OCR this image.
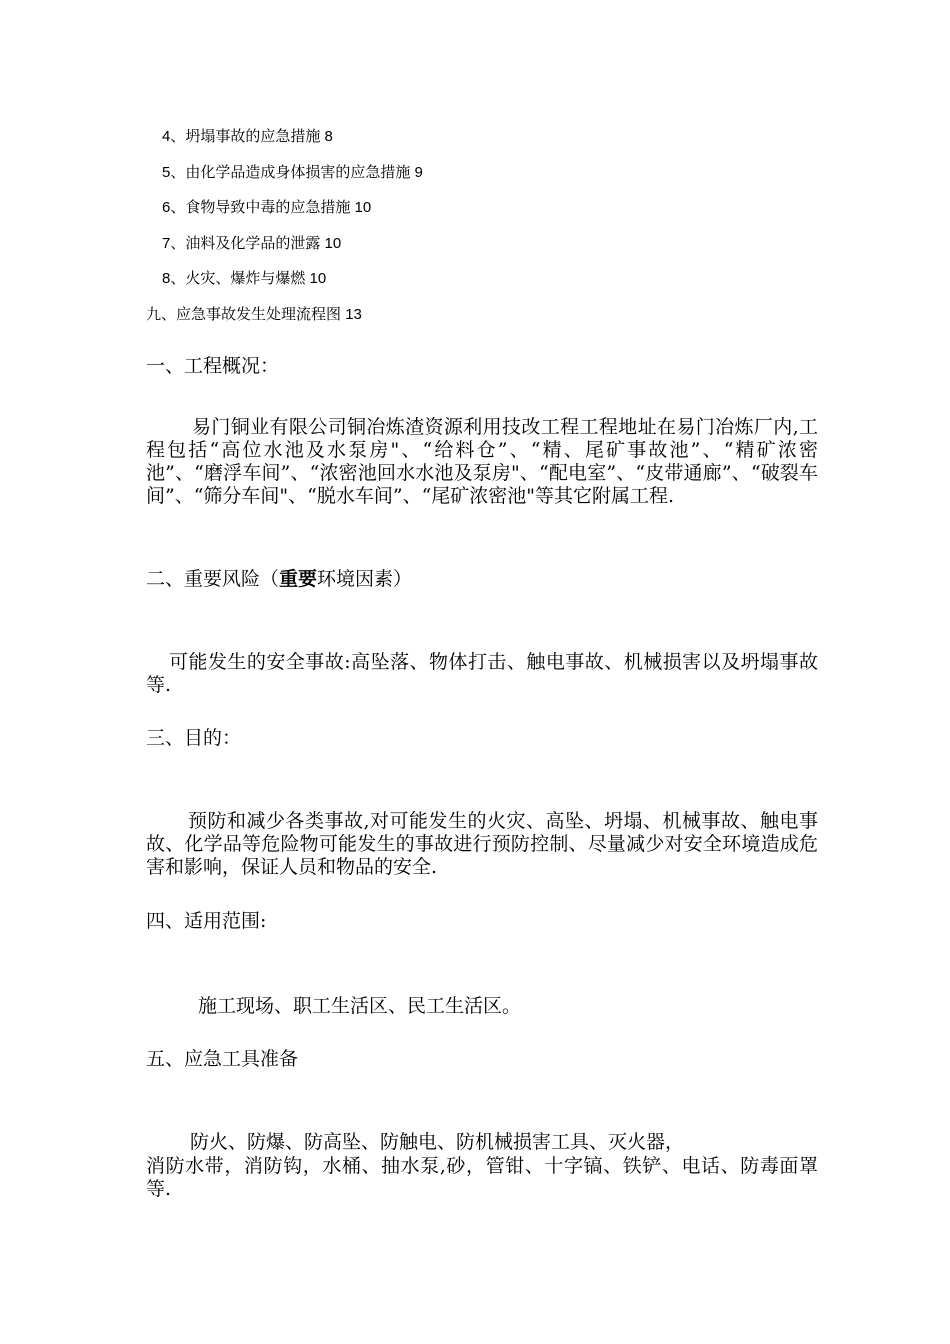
4、坍塌事故的应急措施 8
5、由化学品造成身体损害的应急措施 9
6、食物导致中毒的应急措施 10
7、油料及化学品的泄露 10
8、火灾、爆炸与爆燃 10
九、应急事故发生处理流程图 13
一、工程概况：
易门铜业有限公司铜冶炼渣资源利用技改工程工程地址在易门冶炼厂内,工程包括“高位水池及水泵房"、“给料仓”、“精、尾矿事故池”、“精矿浓密池”、“磨浮车间”、“浓密池回水水池及泵房"、“配电室”、“皮带通廊”、“破裂车间”、“筛分车间"、“脱水车间”、“尾矿浓密池"等其它附属工程.
二、重要风险（重要环境因素）
可能发生的安全事故:高坠落、物体打击、触电事故、机械损害以及坍塌事故等.
三、目的：
预防和减少各类事故,对可能发生的火灾、高坠、坍塌、机械事故、触电事故、化学品等危险物可能发生的事故进行预防控制、尽量减少对安全环境造成危害和影响，保证人员和物品的安全.
四、适用范围:
施工现场、职工生活区、民工生活区。
五、应急工具准备
防火、防爆、防高坠、防触电、防机械损害工具、灭火器，
消防水带，消防钩，水桶、抽水泵,砂，管钳、十字镐、铁铲、电话、防毒面罩等.
